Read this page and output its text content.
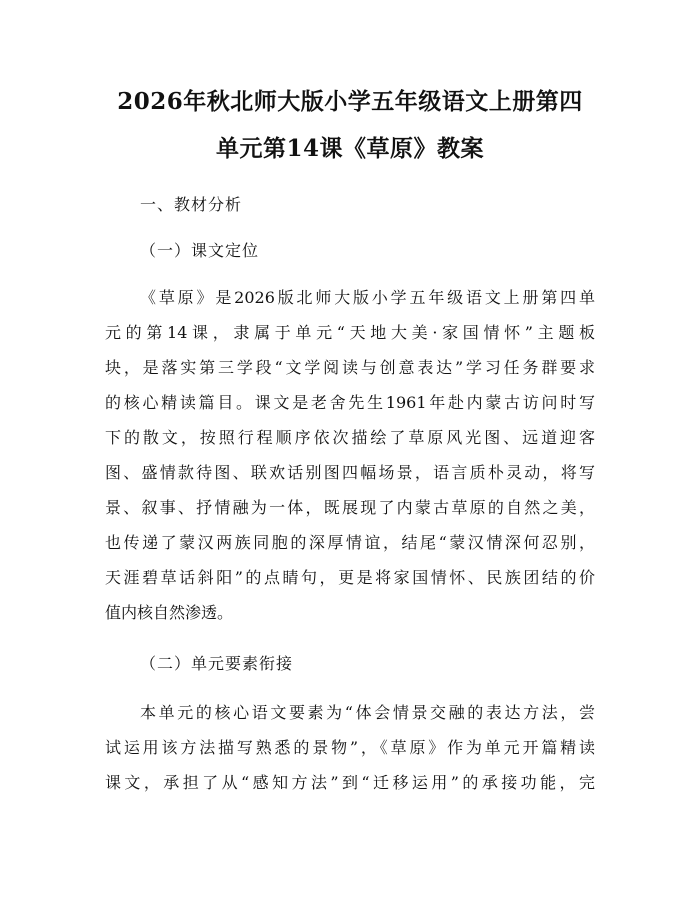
2026年秋北师大版小学五年级语文上册第四
单元第14课《草原》教案
一、教材分析
（一）课文定位
《草原》是2026版北师大版小学五年级语文上册第四单
元的第14课，隶属于单元“天地大美·家国情怀”主题板
块，是落实第三学段“文学阅读与创意表达”学习任务群要求
的核心精读篇目。课文是老舍先生1961年赴内蒙古访问时写
下的散文，按照行程顺序依次描绘了草原风光图、远道迎客
图、盛情款待图、联欢话别图四幅场景，语言质朴灵动，将写
景、叙事、抒情融为一体，既展现了内蒙古草原的自然之美，
也传递了蒙汉两族同胞的深厚情谊，结尾“蒙汉情深何忍别，
天涯碧草话斜阳”的点睛句，更是将家国情怀、民族团结的价
值内核自然渗透。
（二）单元要素衔接
本单元的核心语文要素为“体会情景交融的表达方法，尝
试运用该方法描写熟悉的景物”，《草原》作为单元开篇精读
课文，承担了从“感知方法”到“迁移运用”的承接功能，完
